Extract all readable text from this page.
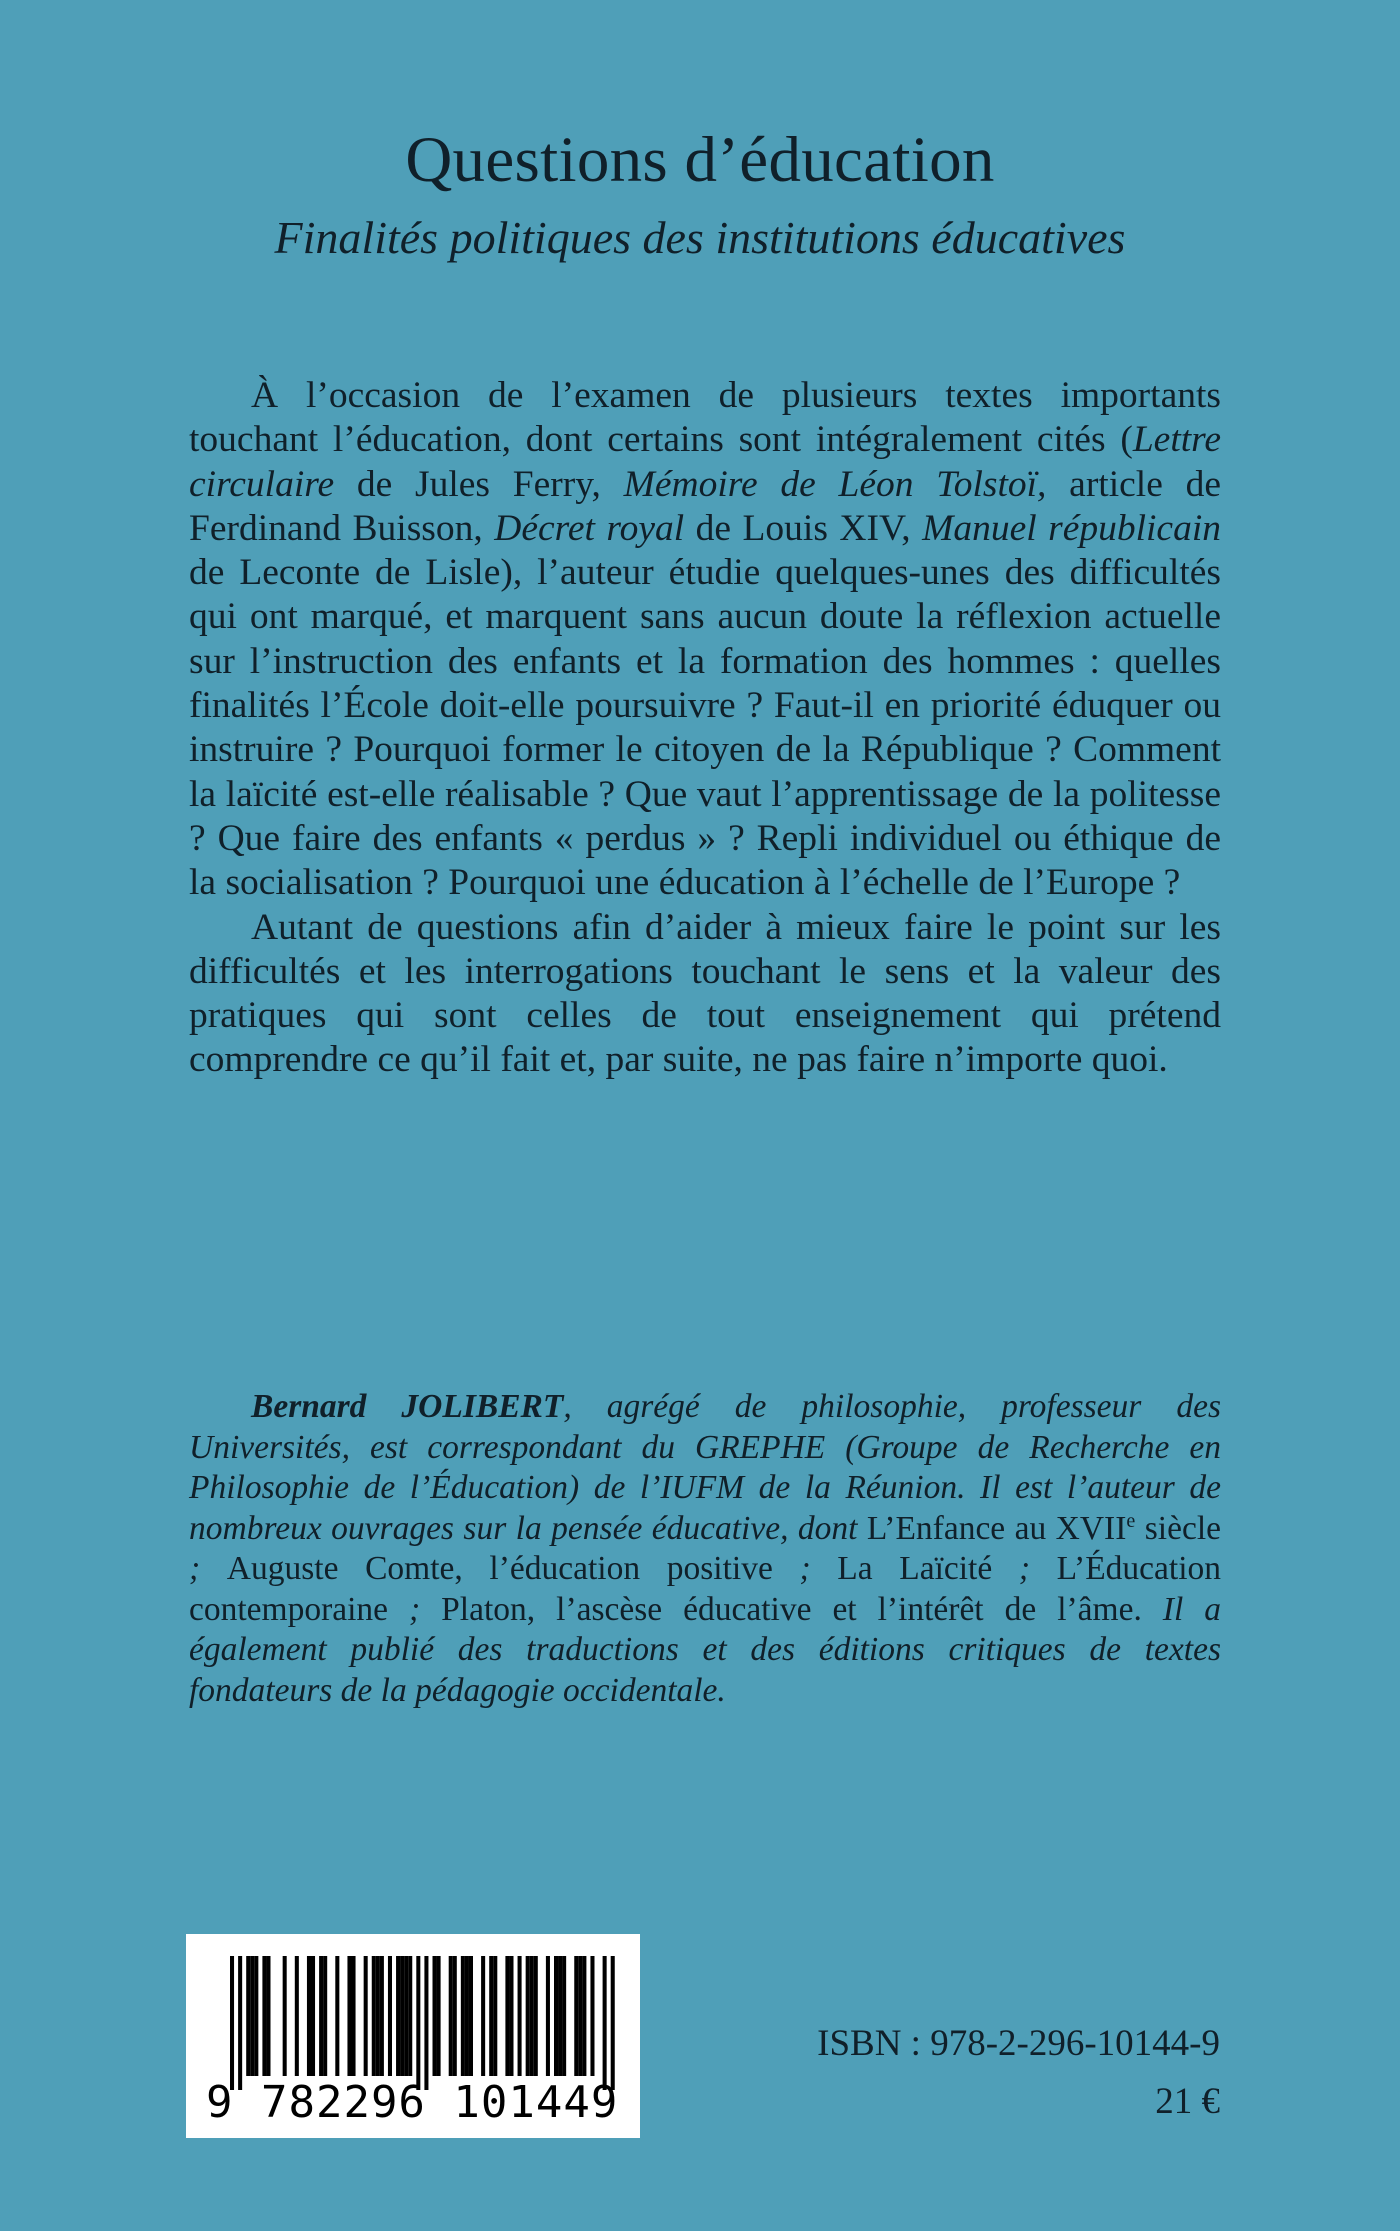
Questions d’éducation
Finalités politiques des institutions éducatives

À l’occasion de l’examen de plusieurs textes importants touchant l’éducation, dont certains sont intégralement cités (Lettre circulaire de Jules Ferry, Mémoire de Léon Tolstoï, article de Ferdinand Buisson, Décret royal de Louis XIV, Manuel républicain de Leconte de Lisle), l’auteur étudie quelques-unes des difficultés qui ont marqué, et marquent sans aucun doute la réflexion actuelle sur l’instruction des enfants et la formation des hommes : quelles finalités l’École doit-elle poursuivre ? Faut-il en priorité éduquer ou instruire ? Pourquoi former le citoyen de la République ? Comment la laïcité est-elle réalisable ? Que vaut l’apprentissage de la politesse ? Que faire des enfants « perdus » ? Repli individuel ou éthique de la socialisation ? Pourquoi une éducation à l’échelle de l’Europe ?

Autant de questions afin d’aider à mieux faire le point sur les difficultés et les interrogations touchant le sens et la valeur des pratiques qui sont celles de tout enseignement qui prétend comprendre ce qu’il fait et, par suite, ne pas faire n’importe quoi.

Bernard JOLIBERT, agrégé de philosophie, professeur des Universités, est correspondant du GREPHE (Groupe de Recherche en Philosophie de l’Éducation) de l’IUFM de la Réunion. Il est l’auteur de nombreux ouvrages sur la pensée éducative, dont L’Enfance au XVIIe siècle ; Auguste Comte, l’éducation positive ; La Laïcité ; L’Éducation contemporaine ; Platon, l’ascèse éducative et l’intérêt de l’âme. Il a également publié des traductions et des éditions critiques de textes fondateurs de la pédagogie occidentale.

9 782296 101449
ISBN : 978-2-296-10144-9
21 €
